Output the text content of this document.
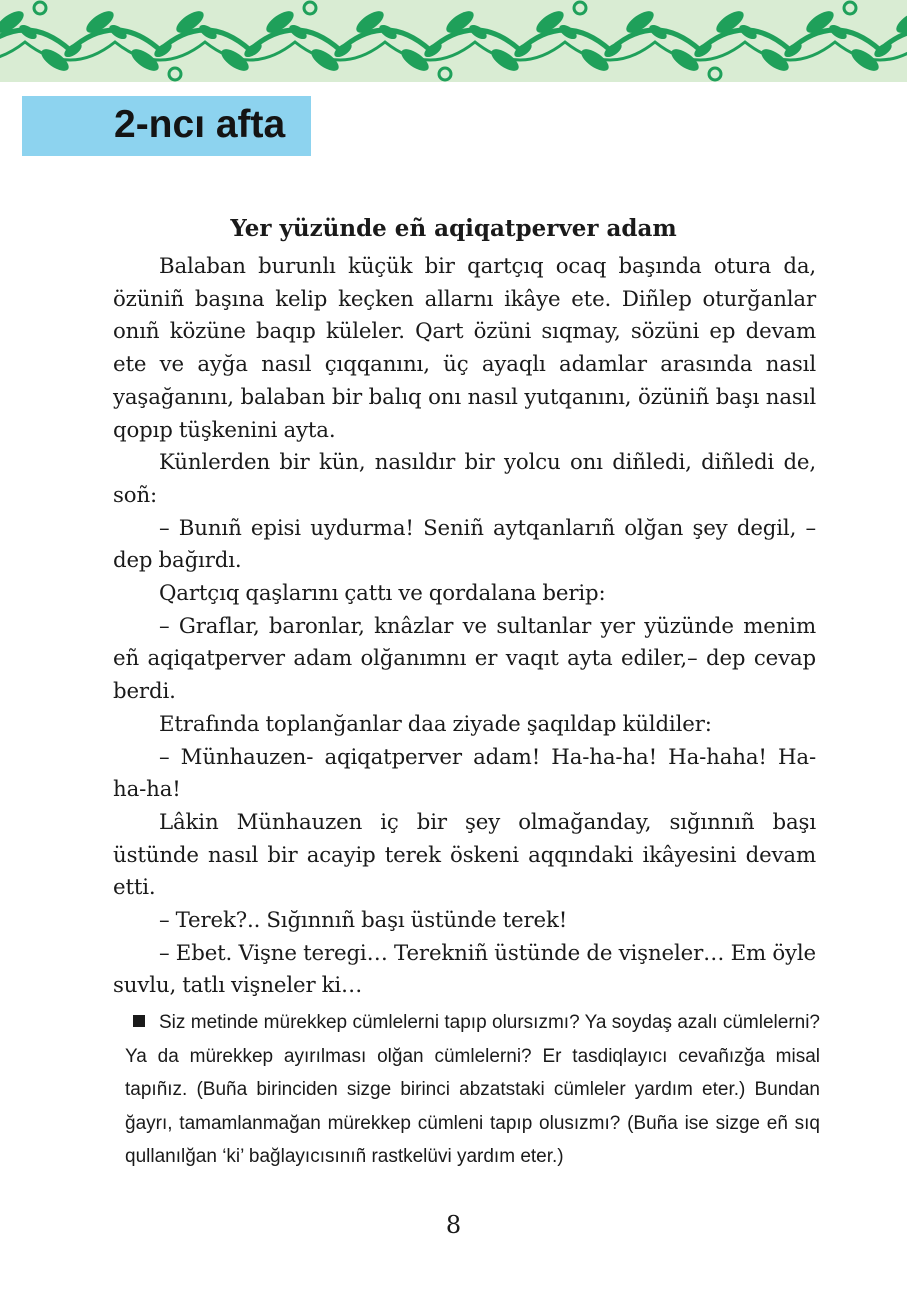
2-ncı afta
Yer yüzünde eñ aqiqatperver adam

Balaban burunlı küçük bir qartçıq ocaq başında otura da, özüniñ başına kelip keçken allarnı ikâye ete. Diñlep oturğanlar onıñ közüne baqıp küleler. Qart özüni sıqmay, sözüni ep devam ete ve ayğa nasıl çıqqanını, üç ayaqlı adamlar arasında nasıl yaşağanını, balaban bir balıq onı nasıl yutqanını, özüniñ başı nasıl qopıp tüşkenini ayta.

Künlerden bir kün, nasıldır bir yolcu onı diñledi, diñledi de, soñ:

– Bunıñ episi uydurma! Seniñ aytqanlarıñ olğan şey degil, – dep bağırdı.

Qartçıq qaşlarını çattı ve qordalana berip:

– Graflar, baronlar, knâzlar ve sultanlar yer yüzünde menim eñ aqiqatperver adam olğanımnı er vaqıt ayta ediler,– dep cevap berdi.

Etrafında toplanğanlar daa ziyade şaqıldap küldiler:

– Münhauzen- aqiqatperver adam! Ha-ha-ha! Ha-haha! Ha-ha-ha!

Lâkin Münhauzen iç bir şey olmağanday, sığınnıñ başı üstünde nasıl bir acayip terek öskeni aqqındaki ikâyesini devam etti.

– Terek?.. Sığınnıñ başı üstünde terek!

– Ebet. Vişne teregi… Terekniñ üstünde de vişneler… Em öyle suvlu, tatlı vişneler ki…

Siz metinde mürekkep cümlelerni tapıp olursızmı? Ya soydaş azalı cümlelerni? Ya da mürekkep ayırılması olğan cümlelerni? Er tasdiqlayıcı cevañızğa misal tapıñız. (Buña birinciden sizge birinci abzatstaki cümleler yardım eter.) Bundan ğayrı, tamamlanmağan mürekkep cümleni tapıp olusızmı? (Buña ise sizge eñ sıq qullanılğan ‘ki’ bağlayıcısınıñ rastkelüvi yardım eter.)

8
